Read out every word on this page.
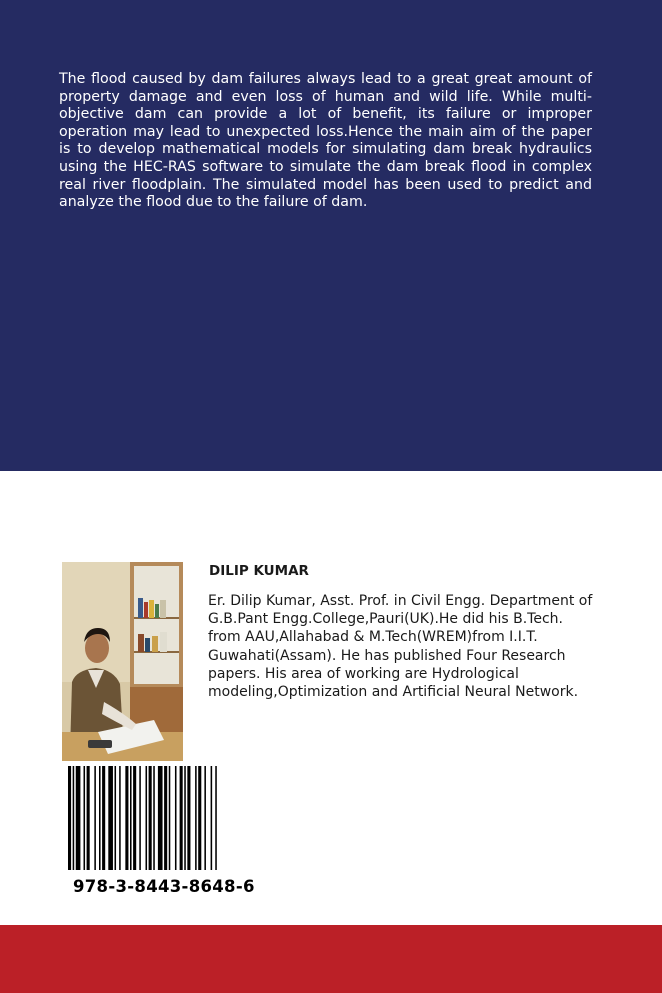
The flood caused by dam failures always lead to a great great amount of property damage and even loss of human and wild life. While multi-objective dam can provide a lot of benefit, its failure or improper operation may lead to unexpected loss.Hence the main aim of the paper is to develop mathematical models for simulating dam break hydraulics using the HEC-RAS software to simulate the dam break flood in complex real river floodplain. The simulated model has been used to predict and analyze the flood due to the failure of dam.

DILIP KUMAR

Er. Dilip Kumar, Asst. Prof. in Civil Engg. Department of G.B.Pant Engg.College,Pauri(UK).He did his B.Tech. from AAU,Allahabad & M.Tech(WREM)from I.I.T. Guwahati(Assam). He has published Four Research papers. His area of working are Hydrological modeling,Optimization and Artificial Neural Network.

978-3-8443-8648-6
